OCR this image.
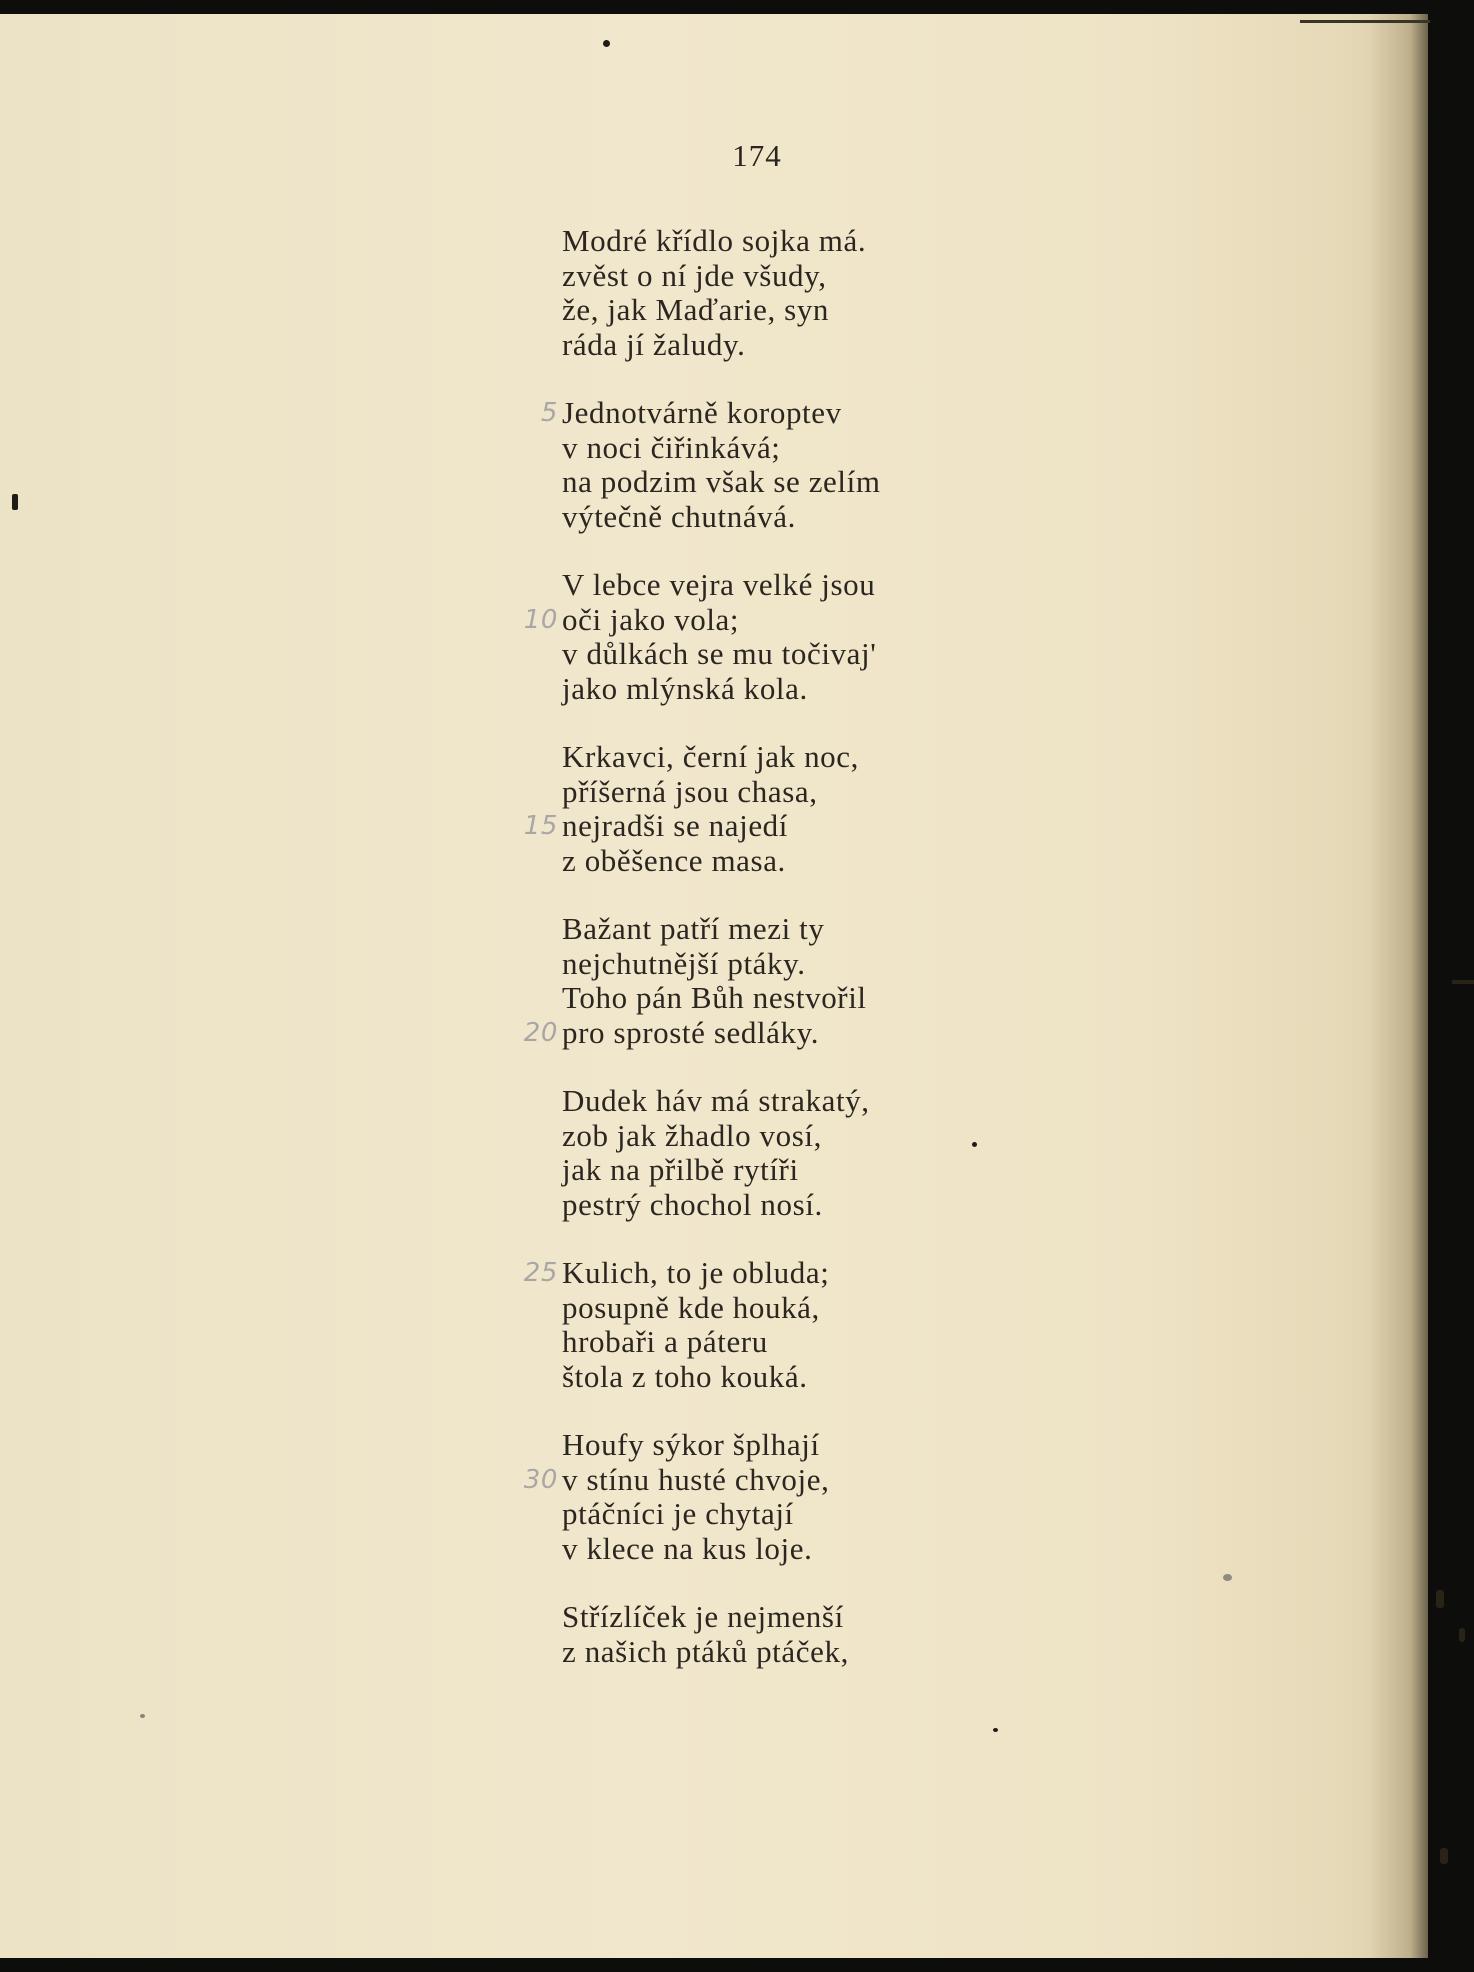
174
Modré křídlo sojka má.
zvěst o ní jde všudy,
že, jak Maďarie, syn
ráda jí žaludy.
Jednotvárně koroptev
v noci čiřinkává;
na podzim však se zelím
výtečně chutnává.
5
V lebce vejra velké jsou
oči jako vola;
v důlkách se mu točivaj'
jako mlýnská kola.
10
Krkavci, černí jak noc,
příšerná jsou chasa,
nejradši se najedí
z oběšence masa.
15
Bažant patří mezi ty
nejchutnější ptáky.
Toho pán Bůh nestvořil
pro sprosté sedláky.
20
Dudek háv má strakatý,
zob jak žhadlo vosí,
jak na přilbě rytíři
pestrý chochol nosí.
Kulich, to je obluda;
posupně kde houká,
hrobaři a páteru
štola z toho kouká.
25
Houfy sýkor šplhají
v stínu husté chvoje,
ptáčníci je chytají
v klece na kus loje.
30
Střízlíček je nejmenší
z našich ptáků ptáček,
